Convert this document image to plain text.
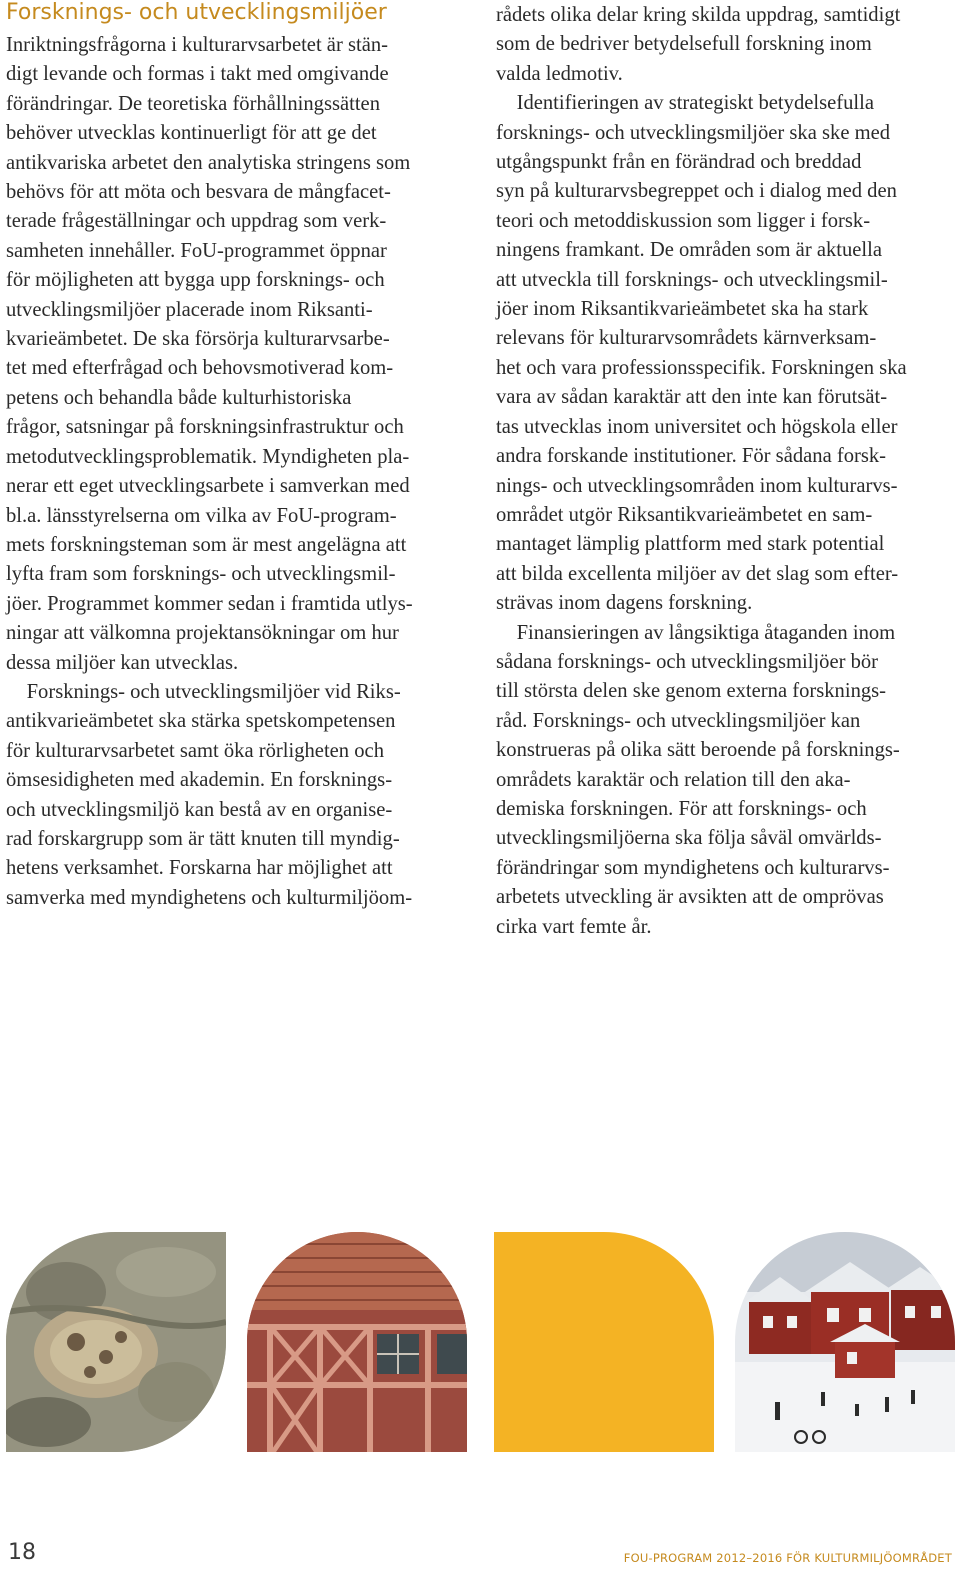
Forsknings- och utvecklingsmiljöer
Inriktningsfrågorna i kulturarvsarbetet är stän-
digt levande och formas i takt med omgivande
förändringar. De teoretiska förhållningssätten
behöver utvecklas kontinuerligt för att ge det
antikvariska arbetet den analytiska stringens som
behövs för att möta och besvara de mångfacet-
terade frågeställningar och uppdrag som verk-
samheten innehåller. FoU-programmet öppnar
för möjligheten att bygga upp forsknings- och
utvecklingsmiljöer placerade inom Riksanti-
kvarieämbetet. De ska försörja kulturarvsarbe-
tet med efterfrågad och behovsmotiverad kom-
petens och behandla både kulturhistoriska
frågor, satsningar på forskningsinfrastruktur och
metodutvecklingsproblematik. Myndigheten pla-
nerar ett eget utvecklingsarbete i samverkan med
bl.a. länsstyrelserna om vilka av FoU-program-
mets forskningsteman som är mest angelägna att
lyfta fram som forsknings- och utvecklingsmil-
jöer. Programmet kommer sedan i framtida utlys-
ningar att välkomna projektansökningar om hur
dessa miljöer kan utvecklas.
Forsknings- och utvecklingsmiljöer vid Riks-
antikvarieämbetet ska stärka spetskompetensen
för kulturarvsarbetet samt öka rörligheten och
ömsesidigheten med akademin. En forsknings-
och utvecklingsmiljö kan bestå av en organise-
rad forskargrupp som är tätt knuten till myndig-
hetens verksamhet. Forskarna har möjlighet att
samverka med myndighetens och kulturmiljöom-
rådets olika delar kring skilda uppdrag, samtidigt
som de bedriver betydelsefull forskning inom
valda ledmotiv.
Identifieringen av strategiskt betydelsefulla
forsknings- och utvecklingsmiljöer ska ske med
utgångspunkt från en förändrad och breddad
syn på kulturarvsbegreppet och i dialog med den
teori och metoddiskussion som ligger i forsk-
ningens framkant. De områden som är aktuella
att utveckla till forsknings- och utvecklingsmil-
jöer inom Riksantikvarieämbetet ska ha stark
relevans för kulturarvsområdets kärnverksam-
het och vara professionsspecifik. Forskningen ska
vara av sådan karaktär att den inte kan förutsät-
tas utvecklas inom universitet och högskola eller
andra forskande institutioner. För sådana forsk-
nings- och utvecklingsområden inom kulturarvs-
området utgör Riksantikvarieämbetet en sam-
mantaget lämplig plattform med stark potential
att bilda excellenta miljöer av det slag som efter-
strävas inom dagens forskning.
Finansieringen av långsiktiga åtaganden inom
sådana forsknings- och utvecklingsmiljöer bör
till största delen ske genom externa forsknings-
råd. Forsknings- och utvecklingsmiljöer kan
konstrueras på olika sätt beroende på forsknings-
områdets karaktär och relation till den aka-
demiska forskningen. För att forsknings- och
utvecklingsmiljöerna ska följa såväl omvärlds-
förändringar som myndighetens och kulturarvs-
arbetets utveckling är avsikten att de omprövas
cirka vart femte år.
18	FOU-PROGRAM 2012–2016 FÖR KULTURMILJÖOMRÅDET
